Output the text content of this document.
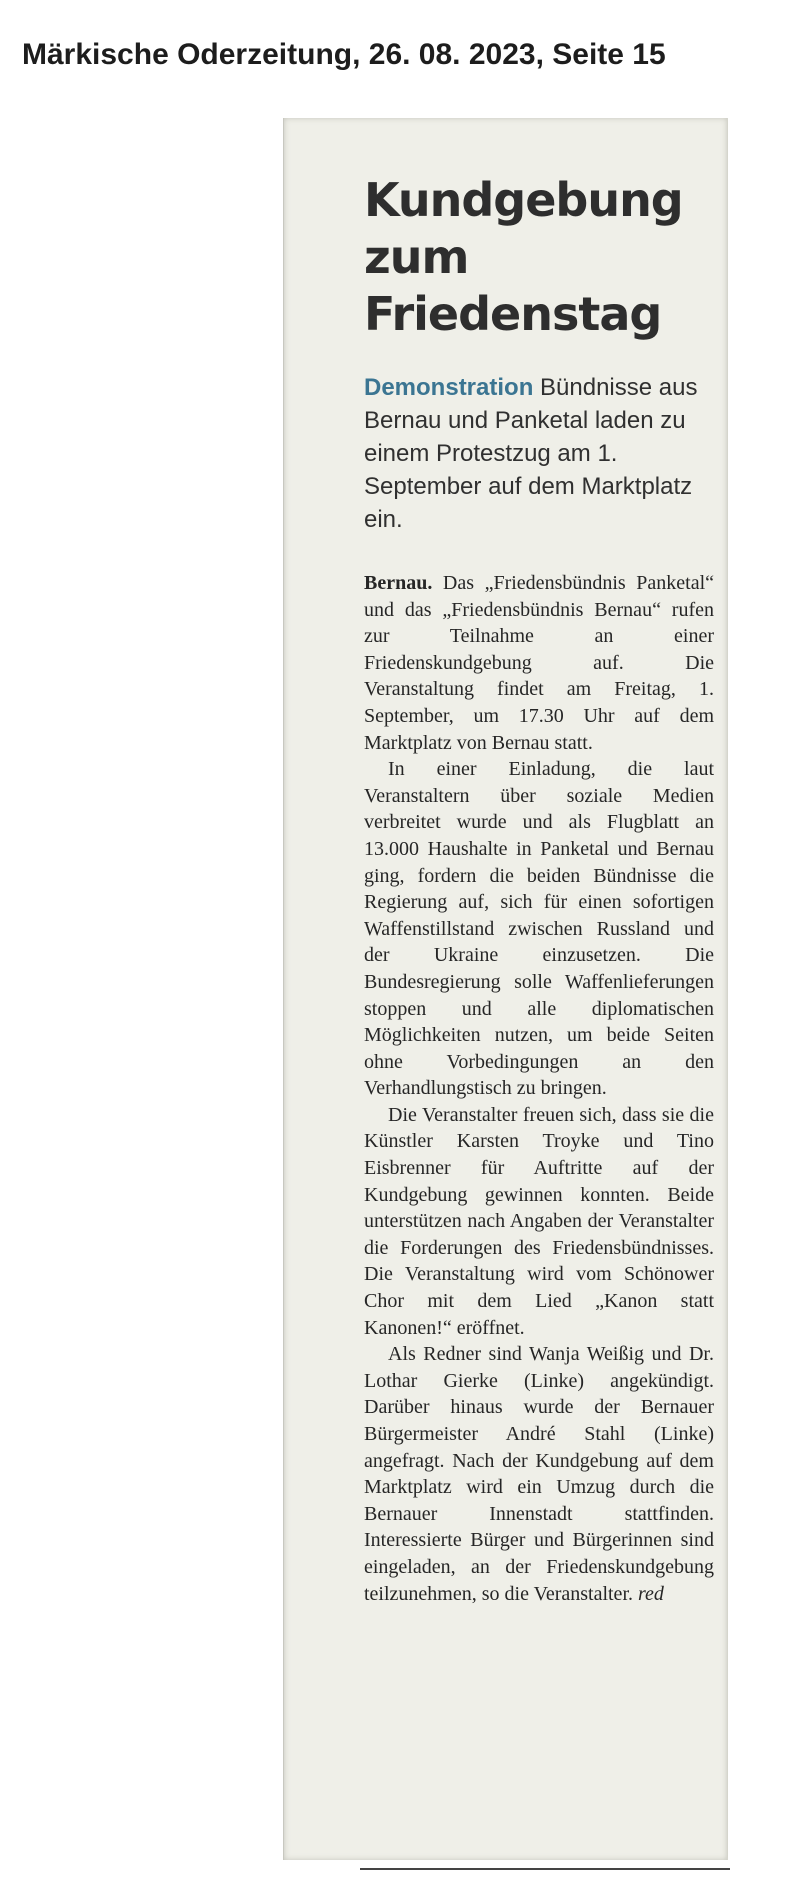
Märkische Oderzeitung, 26. 08. 2023, Seite 15
Kundgebung zum Friedenstag

Demonstration Bündnisse aus Bernau und Panketal laden zu einem Protestzug am 1. September auf dem Marktplatz ein.

Bernau. Das „Friedensbündnis Panketal“ und das „Friedensbündnis Bernau“ rufen zur Teilnahme an einer Friedenskundgebung auf. Die Veranstaltung findet am Freitag, 1. September, um 17.30 Uhr auf dem Marktplatz von Bernau statt.

In einer Einladung, die laut Veranstaltern über soziale Medien verbreitet wurde und als Flugblatt an 13.000 Haushalte in Panketal und Bernau ging, fordern die beiden Bündnisse die Regierung auf, sich für einen sofortigen Waffenstillstand zwischen Russland und der Ukraine einzusetzen. Die Bundesregierung solle Waffenlieferungen stoppen und alle diplomatischen Möglichkeiten nutzen, um beide Seiten ohne Vorbedingungen an den Verhandlungstisch zu bringen.

Die Veranstalter freuen sich, dass sie die Künstler Karsten Troyke und Tino Eisbrenner für Auftritte auf der Kundgebung gewinnen konnten. Beide unterstützen nach Angaben der Veranstalter die Forderungen des Friedensbündnisses. Die Veranstaltung wird vom Schönower Chor mit dem Lied „Kanon statt Kanonen!“ eröffnet.

Als Redner sind Wanja Weißig und Dr. Lothar Gierke (Linke) angekündigt. Darüber hinaus wurde der Bernauer Bürgermeister André Stahl (Linke) angefragt. Nach der Kundgebung auf dem Marktplatz wird ein Umzug durch die Bernauer Innenstadt stattfinden. Interessierte Bürger und Bürgerinnen sind eingeladen, an der Friedenskundgebung teilzunehmen, so die Veranstalter. red
